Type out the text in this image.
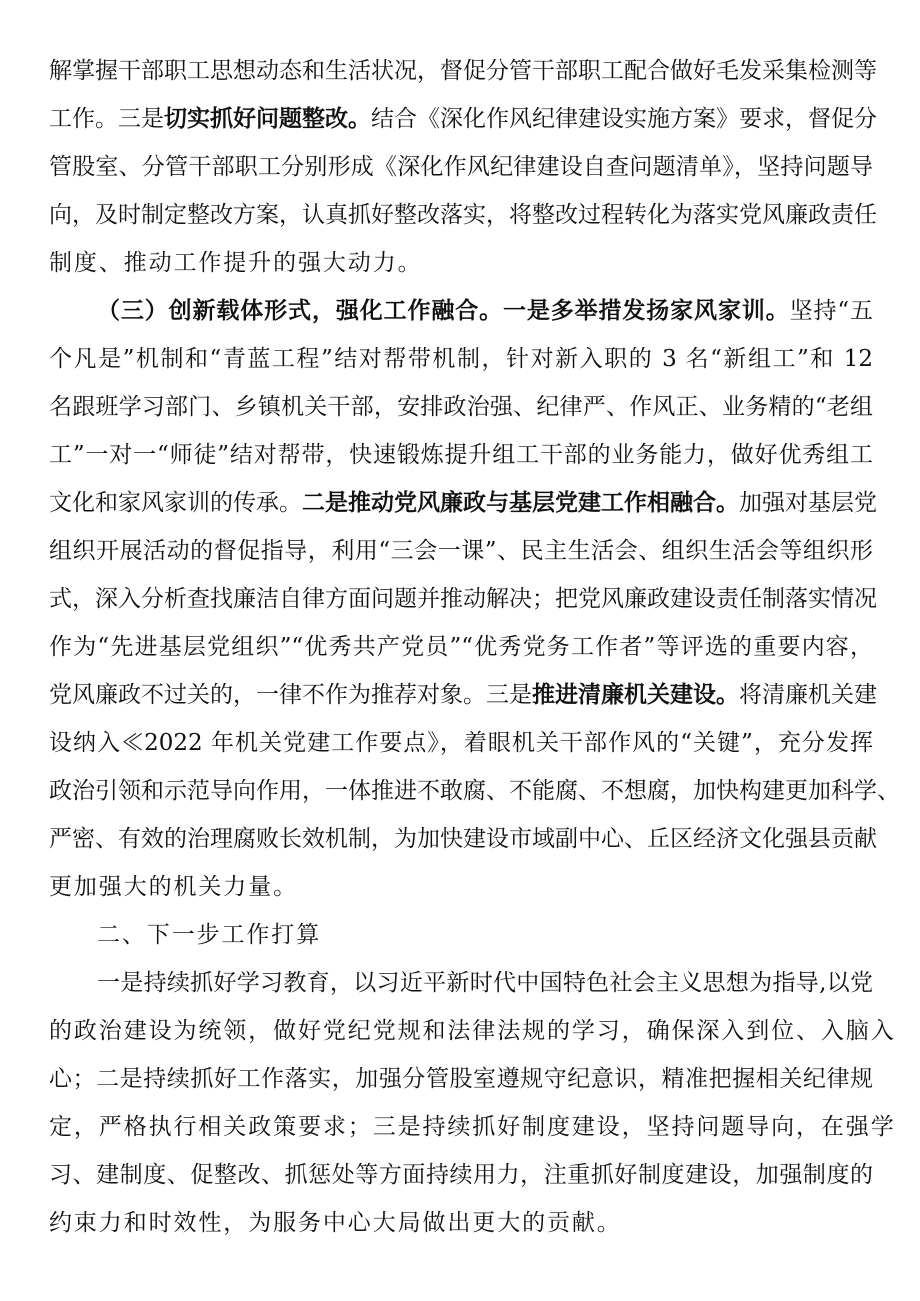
解掌握干部职工思想动态和生活状况，督促分管干部职工配合做好毛发采集检测等
工作。三是切实抓好问题整改。结合《深化作风纪律建设实施方案》要求，督促分
管股室、分管干部职工分别形成《深化作风纪律建设自查问题清单》，坚持问题导
向，及时制定整改方案，认真抓好整改落实，将整改过程转化为落实党风廉政责任
制度、推动工作提升的强大动力。
（三）创新载体形式，强化工作融合。一是多举措发扬家风家训。坚持“五
个凡是”机制和“青蓝工程”结对帮带机制，针对新入职的 3 名“新组工”和 12
名跟班学习部门、乡镇机关干部，安排政治强、纪律严、作风正、业务精的“老组
工”一对一“师徒”结对帮带，快速锻炼提升组工干部的业务能力，做好优秀组工
文化和家风家训的传承。二是推动党风廉政与基层党建工作相融合。加强对基层党
组织开展活动的督促指导，利用“三会一课”、民主生活会、组织生活会等组织形
式，深入分析查找廉洁自律方面问题并推动解决；把党风廉政建设责任制落实情况
作为“先进基层党组织”“优秀共产党员”“优秀党务工作者”等评选的重要内容，
党风廉政不过关的，一律不作为推荐对象。三是推进清廉机关建设。将清廉机关建
设纳入≪2022 年机关党建工作要点》，着眼机关干部作风的“关键”，充分发挥
政治引领和示范导向作用，一体推进不敢腐、不能腐、不想腐，加快构建更加科学、
严密、有效的治理腐败长效机制，为加快建设市域副中心、丘区经济文化强县贡献
更加强大的机关力量。
二、下一步工作打算
一是持续抓好学习教育，以习近平新时代中国特色社会主义思想为指导,以党
的政治建设为统领，做好党纪党规和法律法规的学习，确保深入到位、入脑入
心；二是持续抓好工作落实，加强分管股室遵规守纪意识，精准把握相关纪律规
定，严格执行相关政策要求；三是持续抓好制度建设，坚持问题导向，在强学
习、建制度、促整改、抓惩处等方面持续用力，注重抓好制度建设，加强制度的
约束力和时效性，为服务中心大局做出更大的贡献。
